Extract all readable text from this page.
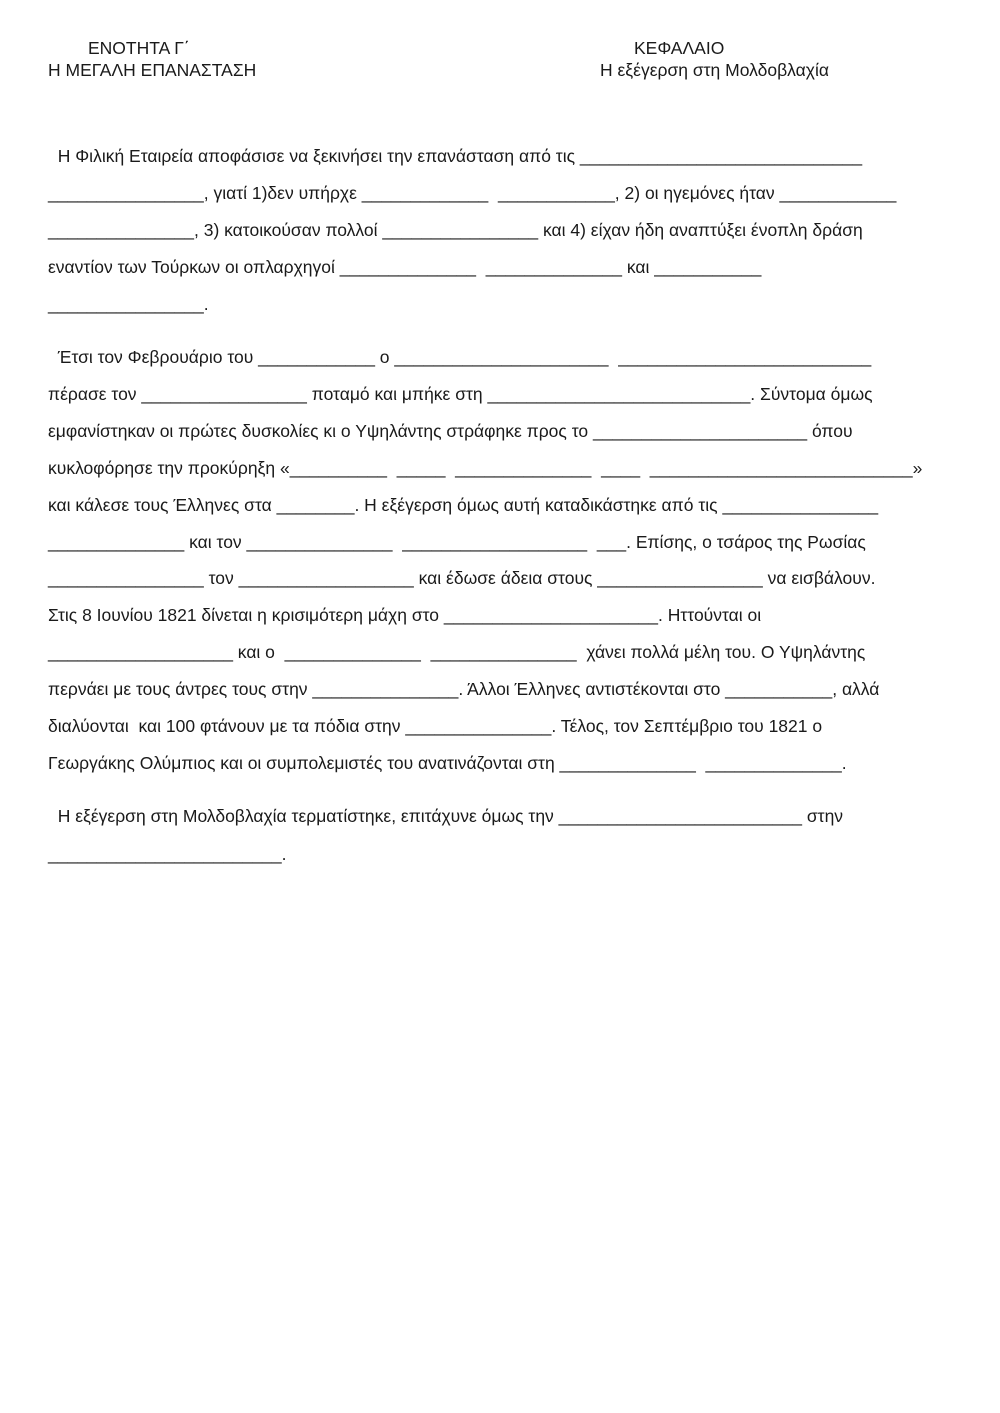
ΕΝΟΤΗΤΑ Γ΄
Η ΜΕΓΑΛΗ ΕΠΑΝΑΣΤΑΣΗ
ΚΕΦΑΛΑΙΟ
Η εξέγερση στη Μολδοβλαχία
Η Φιλική Εταιρεία αποφάσισε να ξεκινήσει την επανάσταση από τις _____________________________
________________, γιατί 1)δεν υπήρχε _____________  ____________, 2) οι ηγεμόνες ήταν ____________
_______________, 3) κατοικούσαν πολλοί ________________ και 4) είχαν ήδη αναπτύξει ένοπλη δράση
εναντίον των Τούρκων οι οπλαρχηγοί ______________  ______________ και ___________
________________.
Έτσι τον Φεβρουάριο του ____________ ο ______________________  __________________________
πέρασε τον _________________ ποταμό και μπήκε στη ___________________________. Σύντομα όμως
εμφανίστηκαν οι πρώτες δυσκολίες κι ο Υψηλάντης στράφηκε προς το ______________________ όπου
κυκλοφόρησε την προκύρηξη «__________  _____  ______________  ____  ___________________________»
και κάλεσε τους Έλληνες στα ________. Η εξέγερση όμως αυτή καταδικάστηκε από τις ________________
______________ και τον _______________  ___________________  ___. Επίσης, ο τσάρος της Ρωσίας
________________ τον __________________ και έδωσε άδεια στους _________________ να εισβάλουν.
Στις 8 Ιουνίου 1821 δίνεται η κρισιμότερη μάχη στο ______________________. Ηττούνται οι
___________________ και ο  ______________  _______________  χάνει πολλά μέλη του. Ο Υψηλάντης
περνάει με τους άντρες τους στην _______________. Άλλοι Έλληνες αντιστέκονται στο ___________, αλλά
διαλύονται  και 100 φτάνουν με τα πόδια στην _______________. Τέλος, τον Σεπτέμβριο του 1821 ο
Γεωργάκης Ολύμπιος και οι συμπολεμιστές του ανατινάζονται στη ______________  ______________.
Η εξέγερση στη Μολδοβλαχία τερματίστηκε, επιτάχυνε όμως την _________________________ στην
________________________.
